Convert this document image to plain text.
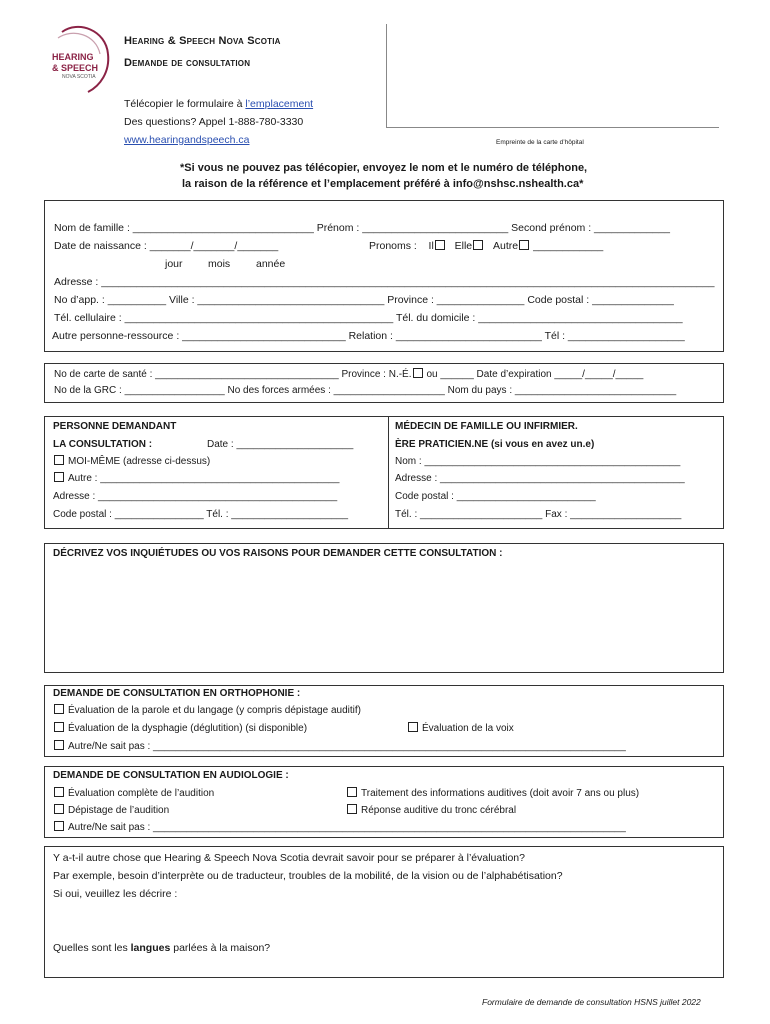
HEARING
& SPEECH
NOVA SCOTIA
Hearing & Speech Nova Scotia
Demande de consultation
Télécopier le formulaire à l’emplacement
Des questions? Appel 1-888-780-3330
www.hearingandspeech.ca	Empreinte de la carte d’hôpital
*Si vous ne pouvez pas télécopier, envoyez le nom et le numéro de téléphone,
la raison de la référence et l’emplacement préféré à info@nshsc.nshealth.ca*
Nom de famille : _______________________________ Prénom : _________________________ Second prénom : _____________
Date de naissance : _______/_______/_______	Pronoms : Il Elle Autre ____________
jour mois année
Adresse : _________________________________________________________________________________________________________
No d’app. : __________ Ville : ________________________________ Province : _______________ Code postal : ______________
Tél. cellulaire : ______________________________________________ Tél. du domicile : ___________________________________
Autre personne-ressource : ____________________________ Relation : _________________________ Tél : ____________________
No de carte de santé : _________________________________ Province : N.-É. ou ______ Date d’expiration _____/_____/_____
No de la GRC : __________________ No des forces armées : ____________________ Nom du pays : _____________________________
PERSONNE DEMANDANT
LA CONSULTATION :	Date : _____________________
MOI-MÊME (adresse ci-dessus)
Autre : ___________________________________________
Adresse : ___________________________________________
Code postal : ________________ Tél. : _____________________
MÉDECIN DE FAMILLE OU INFIRMIER.
ÈRE PRATICIEN.NE (si vous en avez un.e)
Nom : ______________________________________________
Adresse : ____________________________________________
Code postal : _________________________
Tél. : ______________________ Fax : ____________________
DÉCRIVEZ VOS INQUIÉTUDES OU VOS RAISONS POUR DEMANDER CETTE CONSULTATION :
DEMANDE DE CONSULTATION EN ORTHOPHONIE :
Évaluation de la parole et du langage (y compris dépistage auditif)
Évaluation de la dysphagie (déglutition) (si disponible)	Évaluation de la voix
Autre/Ne sait pas : _____________________________________________________________________________________
DEMANDE DE CONSULTATION EN AUDIOLOGIE :
Évaluation complète de l’audition	Traitement des informations auditives (doit avoir 7 ans ou plus)
Dépistage de l’audition	Réponse auditive du tronc cérébral
Autre/Ne sait pas : _____________________________________________________________________________________
Y a-t-il autre chose que Hearing & Speech Nova Scotia devrait savoir pour se préparer à l’évaluation?
Par exemple, besoin d’interprète ou de traducteur, troubles de la mobilité, de la vision ou de l’alphabétisation?
Si oui, veuillez les décrire :
Quelles sont les langues parlées à la maison?
Formulaire de demande de consultation HSNS juillet 2022
